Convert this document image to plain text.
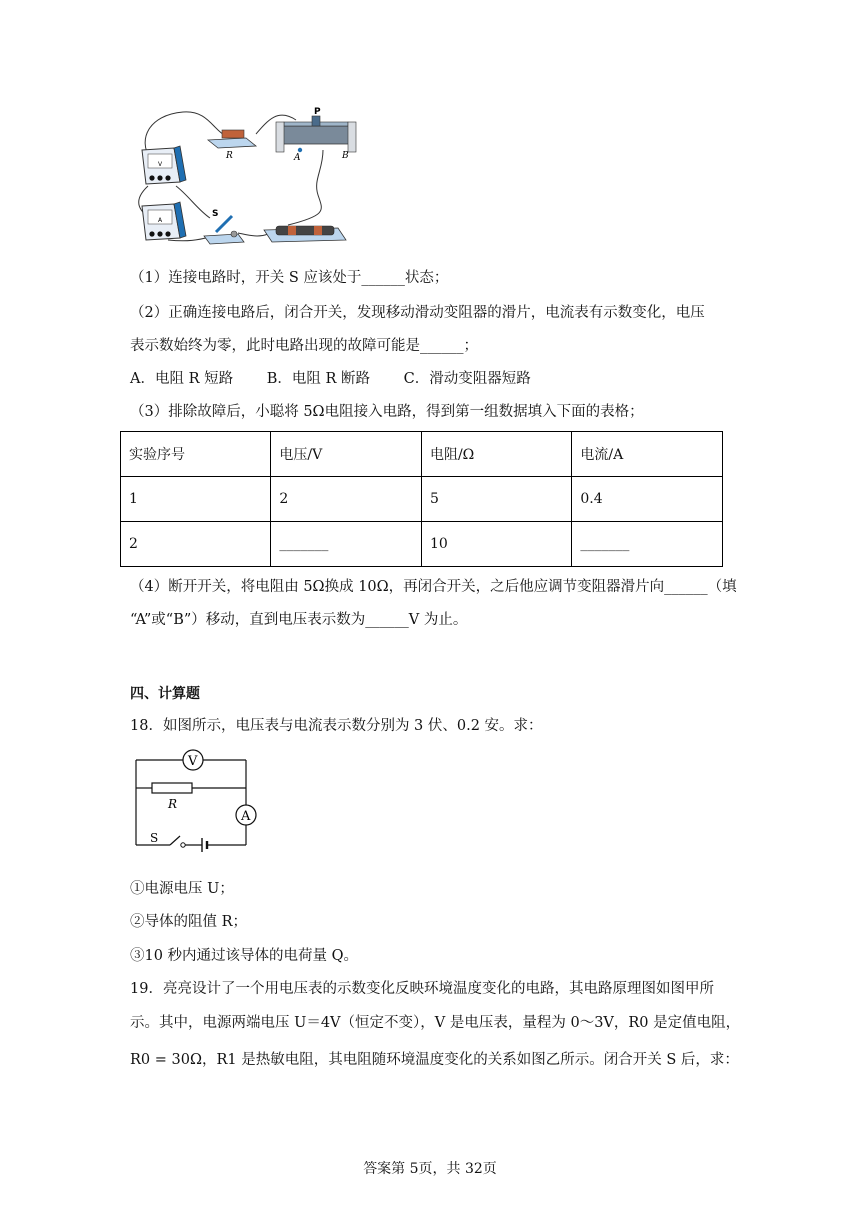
V
A
R
P
A	B
S
（1）连接电路时，开关 S 应该处于______状态；
（2）正确连接电路后，闭合开关，发现移动滑动变阻器的滑片，电流表有示数变化，电压
表示数始终为零，此时电路出现的故障可能是______；
A．电阻 R 短路　　 B．电阻 R 断路　　 C．滑动变阻器短路
（3）排除故障后，小聪将 5Ω电阻接入电路，得到第一组数据填入下面的表格；
实验序号	电压/V	电阻/Ω	电流/A
1	2	5	0.4
2	_______	10	_______
（4）断开开关，将电阻由 5Ω换成 10Ω，再闭合开关，之后他应调节变阻器滑片向______（填
“A”或“B”）移动，直到电压表示数为______V 为止。
四、计算题
18．如图所示，电压表与电流表示数分别为 3 伏、0.2 安。求：
R
V
A
S
①电源电压 U；
②导体的阻值 R；
③10 秒内通过该导体的电荷量 Q。
19．亮亮设计了一个用电压表的示数变化反映环境温度变化的电路，其电路原理图如图甲所
示。其中，电源两端电压 U＝4V（恒定不变），V 是电压表，量程为 0～3V，R0 是定值电阻，
R0 = 30Ω，R1 是热敏电阻，其电阻随环境温度变化的关系如图乙所示。闭合开关 S 后，求：
答案第 5页，共 32页
